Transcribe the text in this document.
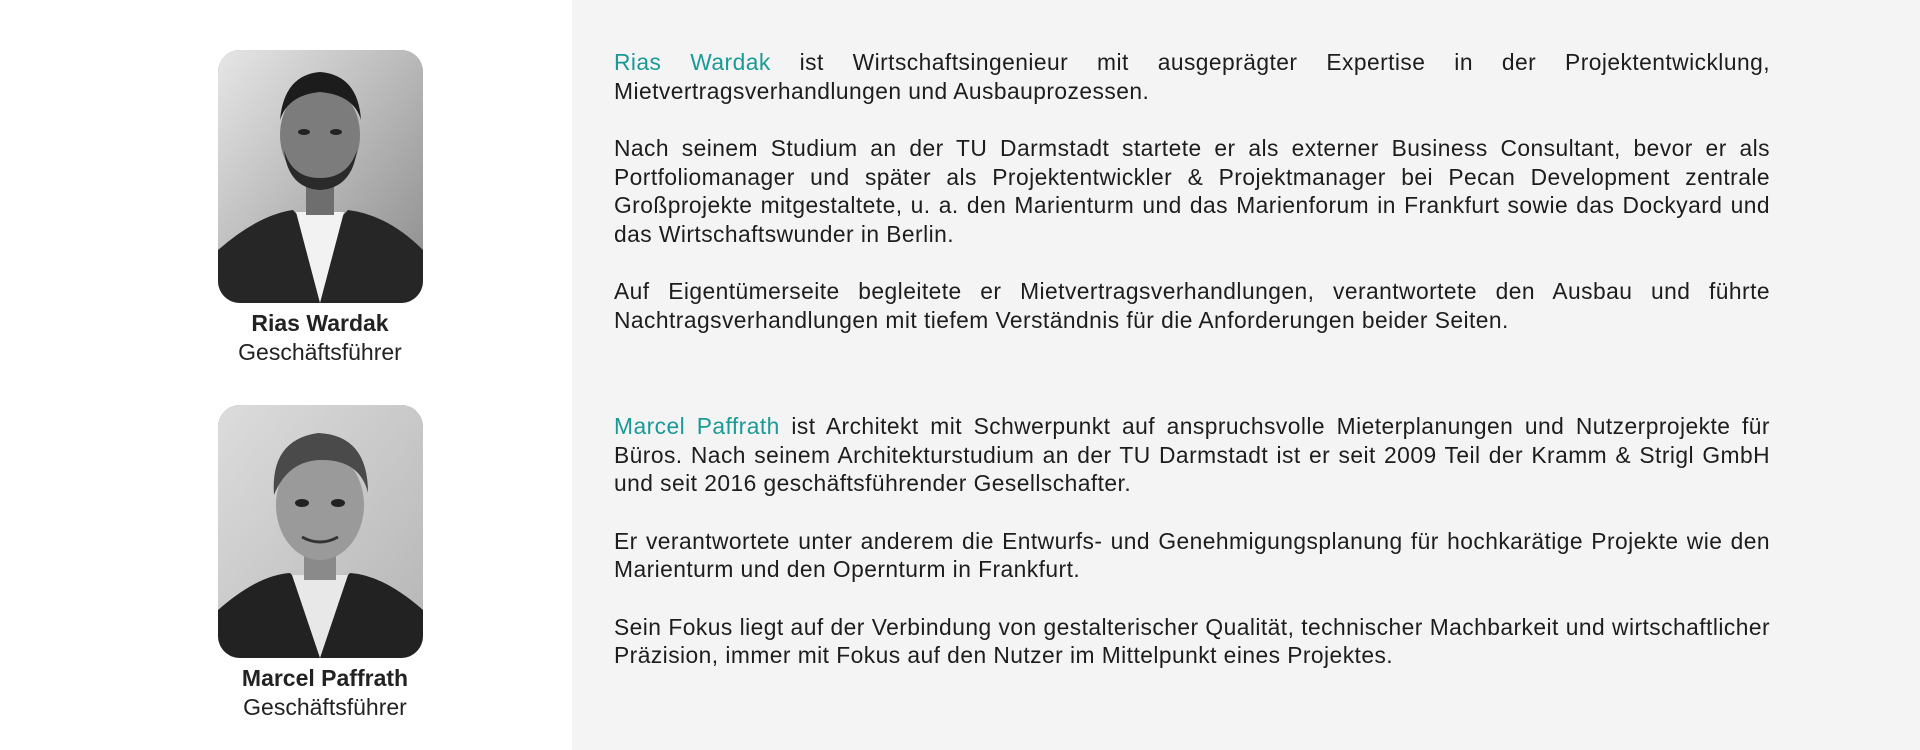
Rias Wardak
Geschäftsführer
Marcel Paffrath
Geschäftsführer

Rias Wardak ist Wirtschaftsingenieur mit ausgeprägter Expertise in der Projektentwicklung, Mietvertragsverhandlungen und Ausbauprozessen.

Nach seinem Studium an der TU Darmstadt startete er als externer Business Consultant, bevor er als Portfoliomanager und später als Projektentwickler & Projektmanager bei Pecan Development zentrale Großprojekte mitgestaltete, u. a. den Marienturm und das Marienforum in Frankfurt sowie das Dockyard und das Wirtschaftswunder in Berlin.

Auf Eigentümerseite begleitete er Mietvertragsverhandlungen, verantwortete den Ausbau und führte Nachtragsverhandlungen mit tiefem Verständnis für die Anforderungen beider Seiten.

Marcel Paffrath ist Architekt mit Schwerpunkt auf anspruchsvolle Mieterplanungen und Nutzerprojekte für Büros. Nach seinem Architekturstudium an der TU Darmstadt ist er seit 2009 Teil der Kramm & Strigl GmbH und seit 2016 geschäftsführender Gesellschafter.

Er verantwortete unter anderem die Entwurfs- und Genehmigungsplanung für hochkarätige Projekte wie den Marienturm und den Opernturm in Frankfurt.

Sein Fokus liegt auf der Verbindung von gestalterischer Qualität, technischer Machbarkeit und wirtschaftlicher Präzision, immer mit Fokus auf den Nutzer im Mittelpunkt eines Projektes.
